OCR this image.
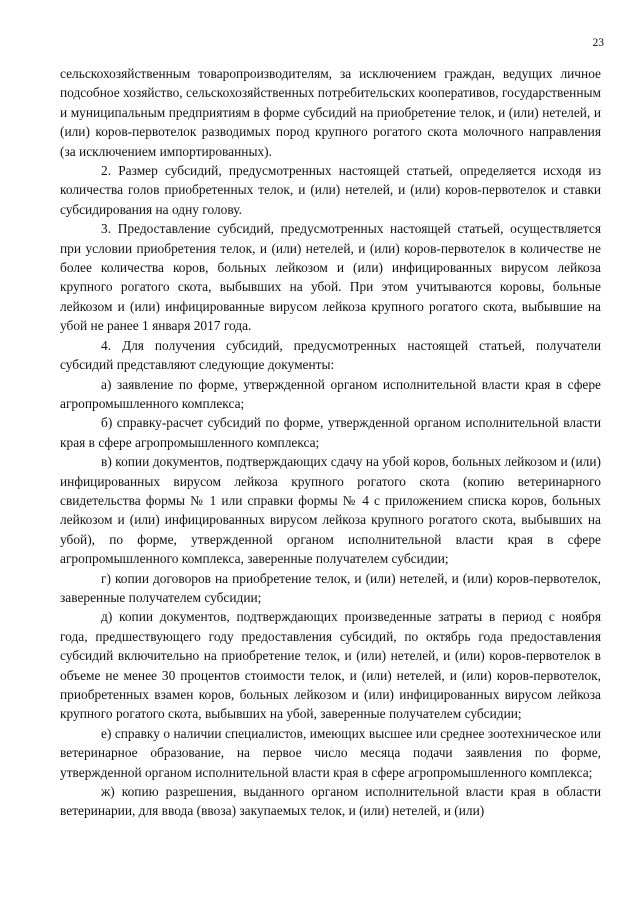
23

сельскохозяйственным товаропроизводителям, за исключением граждан, ведущих личное подсобное хозяйство, сельскохозяйственных потребительских кооперативов, государственным и муниципальным предприятиям в форме субсидий на приобретение телок, и (или) нетелей, и (или) коров-первотелок разводимых пород крупного рогатого скота молочного направления (за исключением импортированных).

2. Размер субсидий, предусмотренных настоящей статьей, определяется исходя из количества голов приобретенных телок, и (или) нетелей, и (или) коров-первотелок и ставки субсидирования на одну голову.

3. Предоставление субсидий, предусмотренных настоящей статьей, осуществляется при условии приобретения телок, и (или) нетелей, и (или) коров-первотелок в количестве не более количества коров, больных лейкозом и (или) инфицированных вирусом лейкоза крупного рогатого скота, выбывших на убой. При этом учитываются коровы, больные лейкозом и (или) инфицированные вирусом лейкоза крупного рогатого скота, выбывшие на убой не ранее 1 января 2017 года.

4. Для получения субсидий, предусмотренных настоящей статьей, получатели субсидий представляют следующие документы:

а) заявление по форме, утвержденной органом исполнительной власти края в сфере агропромышленного комплекса;

б) справку-расчет субсидий по форме, утвержденной органом исполнительной власти края в сфере агропромышленного комплекса;

в) копии документов, подтверждающих сдачу на убой коров, больных лейкозом и (или) инфицированных вирусом лейкоза крупного рогатого скота (копию ветеринарного свидетельства формы № 1 или справки формы № 4 с приложением списка коров, больных лейкозом и (или) инфицированных вирусом лейкоза крупного рогатого скота, выбывших на убой), по форме, утвержденной органом исполнительной власти края в сфере агропромышленного комплекса, заверенные получателем субсидии;

г) копии договоров на приобретение телок, и (или) нетелей, и (или) коров-первотелок, заверенные получателем субсидии;

д) копии документов, подтверждающих произведенные затраты в период с ноября года, предшествующего году предоставления субсидий, по октябрь года предоставления субсидий включительно на приобретение телок, и (или) нетелей, и (или) коров-первотелок в объеме не менее 30 процентов стоимости телок, и (или) нетелей, и (или) коров-первотелок, приобретенных взамен коров, больных лейкозом и (или) инфицированных вирусом лейкоза крупного рогатого скота, выбывших на убой, заверенные получателем субсидии;

е) справку о наличии специалистов, имеющих высшее или среднее зоотехническое или ветеринарное образование, на первое число месяца подачи заявления по форме, утвержденной органом исполнительной власти края в сфере агропромышленного комплекса;

ж) копию разрешения, выданного органом исполнительной власти края в области ветеринарии, для ввода (ввоза) закупаемых телок, и (или) нетелей, и (или)
